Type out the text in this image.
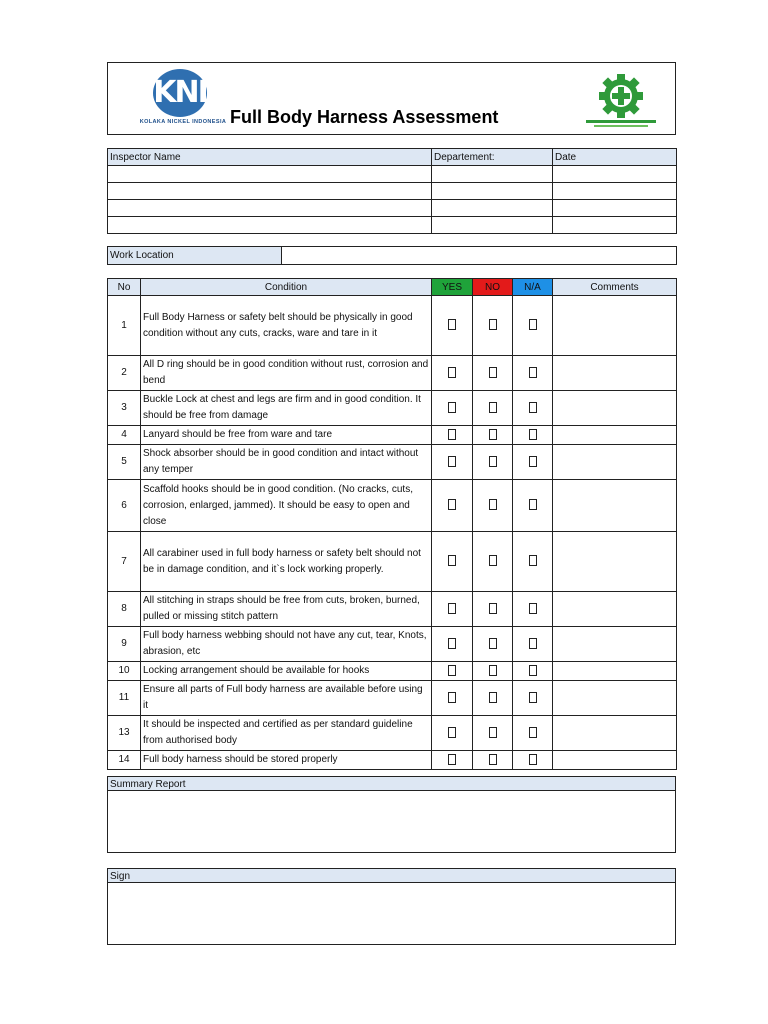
KNI
KOLAKA NICKEL INDONESIA Full Body Harness Assessment
Inspector Name	Departement:	Date

Work Location	
No	Condition	YES	NO	N/A	Comments
1	Full Body Harness or safety belt should be physically in good condition without any cuts, cracks, ware and tare in it				
2	All D ring should be in good condition without rust, corrosion and bend				
3	Buckle Lock at chest and legs are firm and in good condition. It should be free from damage				
4	Lanyard should be free from ware and tare				
5	Shock absorber should be in good condition and intact without any temper				
6	Scaffold hooks should be in good condition. (No cracks, cuts, corrosion, enlarged, jammed). It should be easy to open and close				
7	All carabiner used in full body harness or safety belt should not be in damage condition, and it`s lock working properly.				
8	All stitching in straps should be free from cuts, broken, burned, pulled or missing stitch pattern				
9	Full body harness webbing should not have any cut, tear, Knots, abrasion, etc				
10	Locking arrangement should be available for hooks				
11	Ensure all parts of Full body harness are available before using it				
13	It should be inspected and certified as per standard guideline from authorised body				
14	Full body harness should be stored properly				
Summary Report
Sign
